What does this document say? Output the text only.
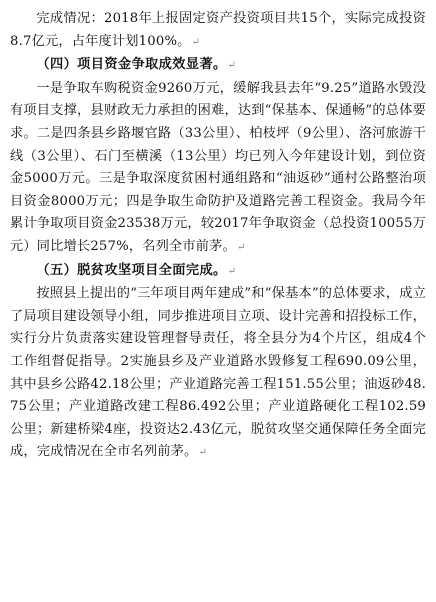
完成情况：2018年上报固定资产投资项目共15个，实际完成投资8.7亿元，占年度计划100%。↵

（四）项目资金争取成效显著。↵

一是争取车购税资金9260万元，缓解我县去年“9.25”道路水毁没有项目支撑，县财政无力承担的困难，达到“保基本、保通畅”的总体要求。二是四条县乡路堰官路（33公里）、柏枝坪（9公里）、洛河旅游干线（3公里）、石门至横溪（13公里）均已列入今年建设计划，到位资金5000万元。三是争取深度贫困村通组路和“油返砂”通村公路整治项目资金8000万元；四是争取生命防护及道路完善工程资金。我局今年累计争取项目资金23538万元，较2017年争取资金（总投资10055万元）同比增长257%，名列全市前茅。↵

（五）脱贫攻坚项目全面完成。↵

按照县上提出的“三年项目两年建成”和“保基本”的总体要求，成立了局项目建设领导小组，同步推进项目立项、设计完善和招投标工作，实行分片负责落实建设管理督导责任，将全县分为4个片区，组成4个工作组督促指导。2实施县乡及产业道路水毁修复工程690.09公里，其中县乡公路42.18公里；产业道路完善工程151.55公里；油返砂48.75公里；产业道路改建工程86.492公里；产业道路硬化工程102.59公里；新建桥梁4座，投资达2.43亿元，脱贫攻坚交通保障任务全面完成，完成情况在全市名列前茅。↵
